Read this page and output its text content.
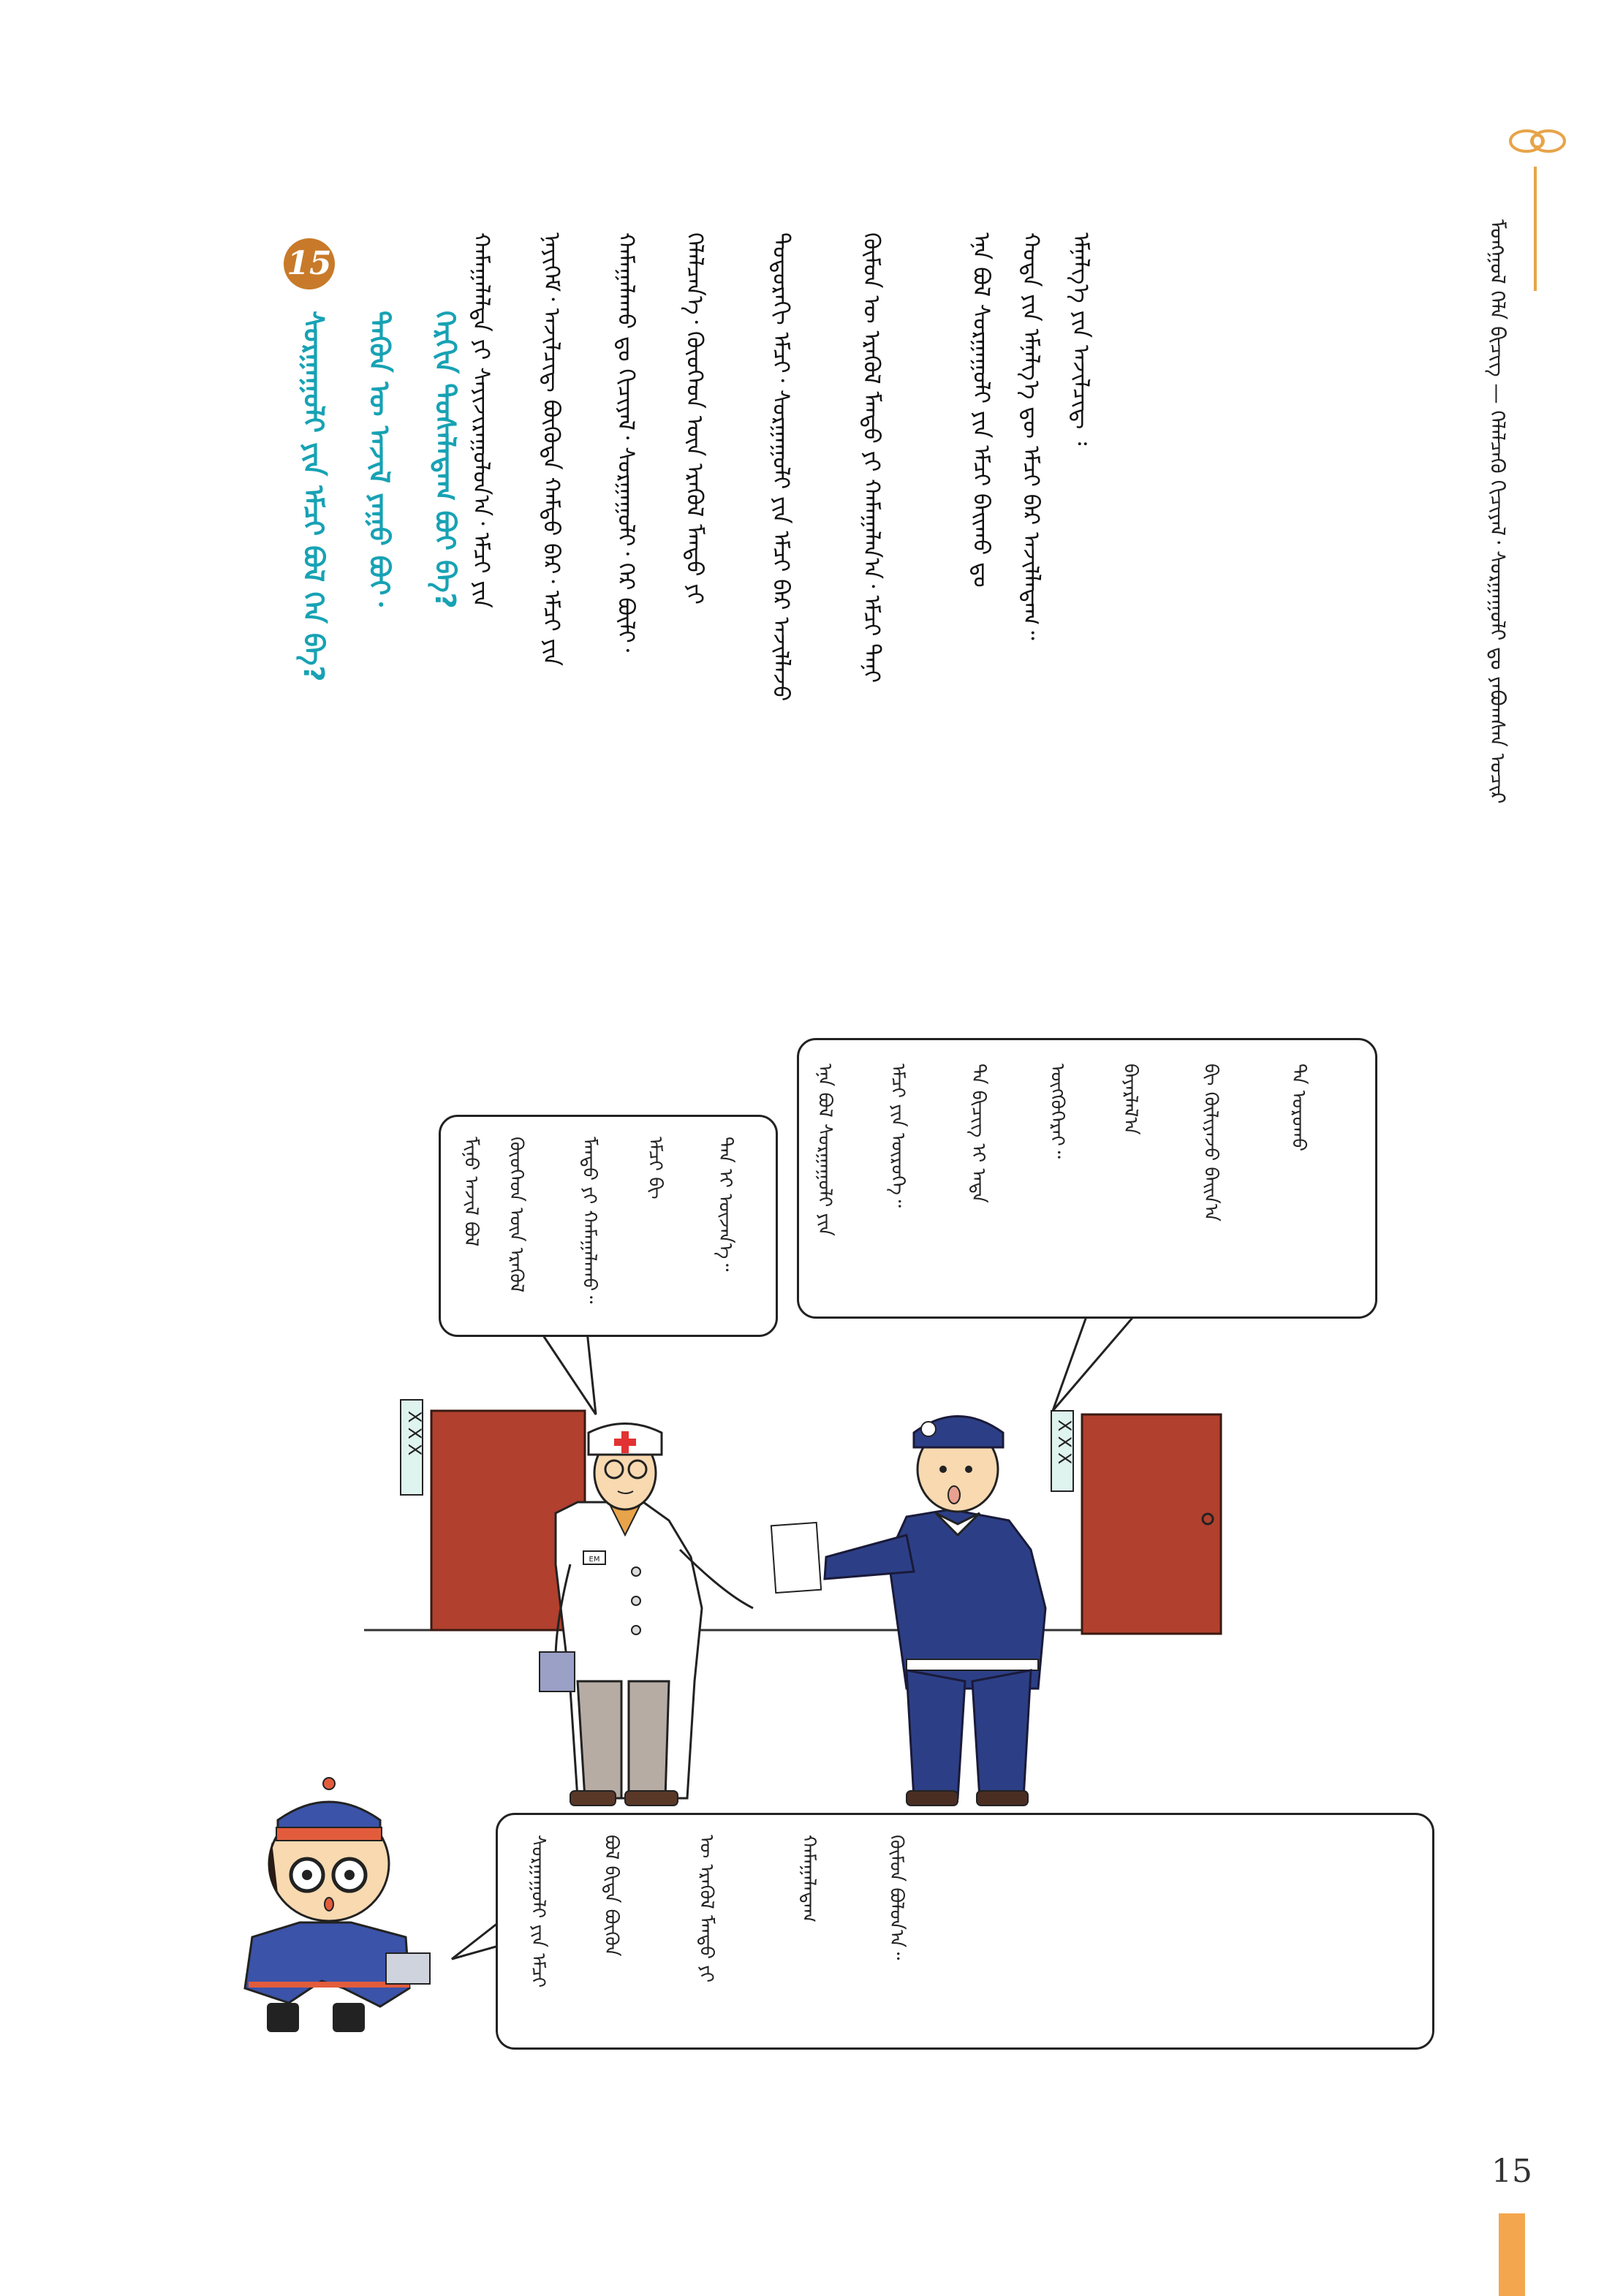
ᠮᠣᠩᠭᠣᠯ ᠬᠡᠯᠡ ᠪᠢᠴᠢᠭ — ᠬᠡᠯᠡᠯᠴᠡᠬᠦ ᠬᠢᠴᠢᠶᠡᠯ᠂ ᠰᠤᠷᠭᠠᠭᠤᠯᠢ ᠳᠤ ᠶᠠᠪᠤᠭᠰᠠᠨ ᠤᠴᠢᠷ
ᠡᠮᠨᠡᠯᠭ᠎ᠡ ᠶᠢᠨ ᠠᠵᠢᠯᠴᠢᠳ᠋ ᠄
ᠬᠣᠲᠠ ᠶᠢᠨ ᠡᠮᠨᠡᠯᠭ᠎ᠡ ᠳᠦ ᠡᠮᠴᠢ ᠪᠠᠷ ᠠᠵᠢᠯᠯᠠᠳᠠᠭ᠃
ᠡᠨᠡ ᠪᠣᠯ ᠰᠤᠷᠭᠠᠭᠤᠯᠢ ᠶᠢᠨ ᠡᠮᠴᠢ ᠪᠠᠢᠬᠤ ᠳᠤ
ᠬᠦᠮᠦᠨ ᠦ ᠡᠷᠡᠭᠦᠯ ᠮᠡᠨᠳᠦ ᠶᠢ ᠬᠠᠮᠠᠭᠠᠯᠠᠨ᠎ᠠ᠂ ᠡᠮᠴᠢ ᠲᠠᠨᠢ
ᠳᠣᠲᠣᠷᠠᠬᠢ ᠡᠮᠴᠢ᠂ ᠰᠤᠷᠭᠠᠭᠤᠯᠢ ᠶᠢᠨ ᠡᠮᠴᠢ ᠪᠠᠷ ᠠᠵᠢᠯᠯᠠᠵᠤ
ᠬᠡᠯᠡᠯᠴᠡᠨ᠎ᠡ᠂ ᠬᠦᠦᠬᠡᠳ ᠦᠨ ᠡᠷᠡᠭᠦᠯ ᠮᠡᠨᠳᠦ ᠶᠢ
ᠬᠠᠮᠠᠭᠠᠯᠠᠬᠤ ᠳᠤ ᠬᠢᠴᠢᠶᠡᠯ᠂ ᠰᠤᠷᠭᠠᠭᠤᠯᠢ᠂ ᠭᠡᠷ ᠪᠦᠯᠢ᠂
ᠨᠡᠶᠢᠭᠡᠮ᠂ ᠠᠵᠢᠯᠴᠢᠳ᠋ ᠪᠦᠭᠦᠳᠡ ᠬᠠᠮᠲᠤ ᠪᠠᠷ᠂ ᠡᠮᠴᠢ ᠶᠢᠨ
ᠬᠠᠮᠠᠭᠠᠯᠠᠯᠲᠠ ᠶᠢ ᠰᠠᠶᠢᠵᠢᠷᠠᠭᠤᠯᠤᠨ᠎ᠠ᠂ ᠡᠮᠴᠢ ᠶᠢᠨ
15
ᠰᠤᠷᠭᠠᠭᠤᠯᠢ ᠶᠢᠨ ᠡᠮᠴᠢ ᠪᠣᠯ ᠬᠡᠨ ᠪᠡ?	ᠲᠡᠭᠦᠨ ᠦ ᠠᠵᠢᠯ ᠶᠠᠭᠤ ᠪᠣᠢ᠂	ᠬᠡᠷᠬᠢᠨ ᠲᠤᠰᠠᠯᠠᠳᠠᠭ ᠪᠤᠢ ᠪᠡ?
EM
XXX	XXX
ᠮᠢᠨᠤ ᠠᠵᠢᠯ ᠪᠣᠯ	ᠬᠦᠦᠬᠡᠳ ᠦᠨ ᠡᠷᠡᠭᠦᠯ	ᠮᠡᠨᠳᠦ ᠶᠢ ᠬᠠᠮᠠᠭᠠᠯᠠᠬᠤ᠃	ᠡᠮᠴᠢ ᠪᠢ	ᠲᠠᠨ ᠢ ᠦᠵᠡᠨ᠎ᠡ᠃	ᠡᠨᠡ ᠪᠣᠯ ᠰᠤᠷᠭᠠᠭᠤᠯᠢ ᠶᠢᠨ	ᠡᠮᠴᠢ ᠶᠢᠨ ᠥᠷᠥᠭᠡ᠃	ᠲᠠ ᠪᠢᠴᠢᠭ ᠢ ᠡᠨᠳᠡ	ᠥᠭᠭᠦᠭᠡᠷᠡᠢ᠃	ᠪᠠᠶᠠᠷᠯᠠᠯ᠎ᠠ	ᠪᠢ ᠬᠦᠯᠢᠶᠡᠵᠦ ᠪᠠᠢᠨ᠎ᠠ	ᠲᠠ ᠣᠷᠣᠬᠤ
ᠰᠤᠷᠭᠠᠭᠤᠯᠢ ᠶᠢᠨ ᠡᠮᠴᠢ	ᠪᠣᠯ ᠪᠢᠳᠡ ᠪᠦᠬᠦᠨ	ᠦ ᠡᠷᠡᠭᠦᠯ ᠮᠡᠨᠳᠦ ᠶᠢ	ᠬᠠᠮᠠᠭᠠᠯᠠᠳᠠᠭ	ᠬᠦᠮᠦᠨ ᠪᠣᠯᠤᠨ᠎ᠠ᠃
15
